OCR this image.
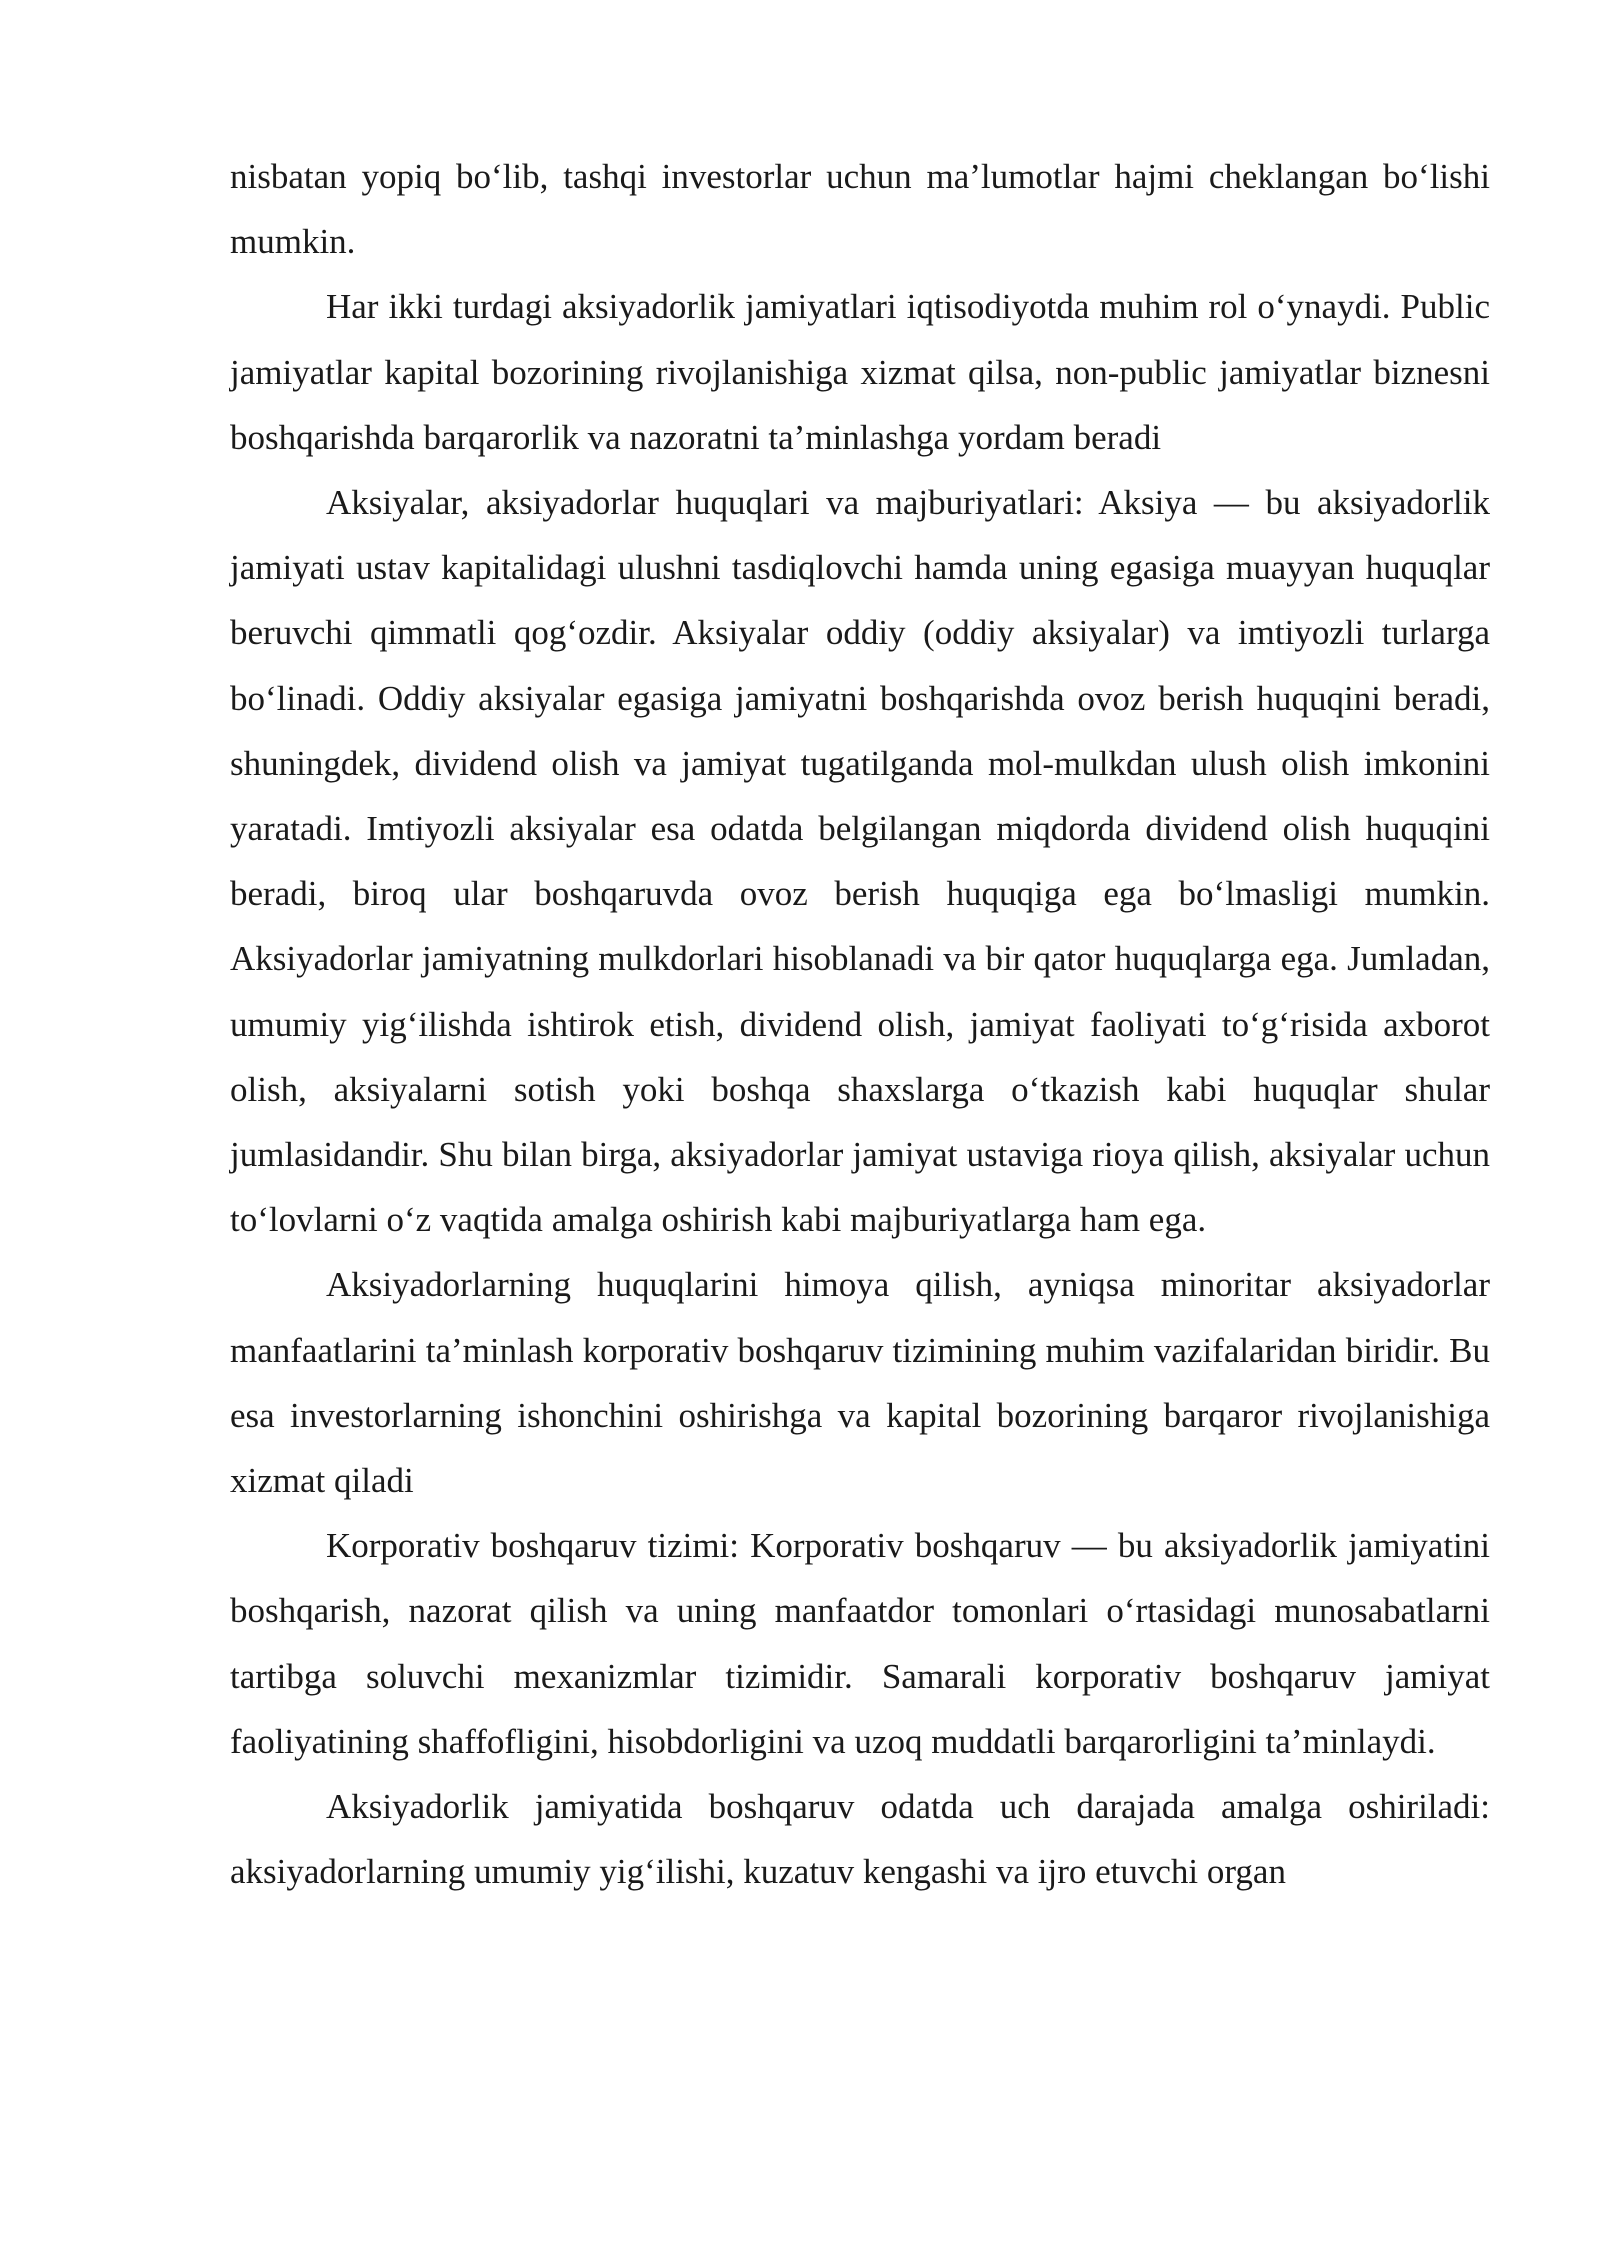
nisbatan yopiq bo‘lib, tashqi investorlar uchun ma’lumotlar hajmi cheklangan bo‘lishi mumkin.

Har ikki turdagi aksiyadorlik jamiyatlari iqtisodiyotda muhim rol o‘ynaydi. Public jamiyatlar kapital bozorining rivojlanishiga xizmat qilsa, non-public jamiyatlar biznesni boshqarishda barqarorlik va nazoratni ta’minlashga yordam beradi

Aksiyalar, aksiyadorlar huquqlari va majburiyatlari: Aksiya — bu aksiyadorlik jamiyati ustav kapitalidagi ulushni tasdiqlovchi hamda uning egasiga muayyan huquqlar beruvchi qimmatli qog‘ozdir. Aksiyalar oddiy (oddiy aksiyalar) va imtiyozli turlarga bo‘linadi. Oddiy aksiyalar egasiga jamiyatni boshqarishda ovoz berish huquqini beradi, shuningdek, dividend olish va jamiyat tugatilganda mol-mulkdan ulush olish imkonini yaratadi. Imtiyozli aksiyalar esa odatda belgilangan miqdorda dividend olish huquqini beradi, biroq ular boshqaruvda ovoz berish huquqiga ega bo‘lmasligi mumkin. Aksiyadorlar jamiyatning mulkdorlari hisoblanadi va bir qator huquqlarga ega. Jumladan, umumiy yig‘ilishda ishtirok etish, dividend olish, jamiyat faoliyati to‘g‘risida axborot olish, aksiyalarni sotish yoki boshqa shaxslarga o‘tkazish kabi huquqlar shular jumlasidandir. Shu bilan birga, aksiyadorlar jamiyat ustaviga rioya qilish, aksiyalar uchun to‘lovlarni o‘z vaqtida amalga oshirish kabi majburiyatlarga ham ega.

Aksiyadorlarning huquqlarini himoya qilish, ayniqsa minoritar aksiyadorlar manfaatlarini ta’minlash korporativ boshqaruv tizimining muhim vazifalaridan biridir. Bu esa investorlarning ishonchini oshirishga va kapital bozorining barqaror rivojlanishiga xizmat qiladi

Korporativ boshqaruv tizimi: Korporativ boshqaruv — bu aksiyadorlik jamiyatini boshqarish, nazorat qilish va uning manfaatdor tomonlari o‘rtasidagi munosabatlarni tartibga soluvchi mexanizmlar tizimidir. Samarali korporativ boshqaruv jamiyat faoliyatining shaffofligini, hisobdorligini va uzoq muddatli barqarorligini ta’minlaydi.

Aksiyadorlik jamiyatida boshqaruv odatda uch darajada amalga oshiriladi: aksiyadorlarning umumiy yig‘ilishi, kuzatuv kengashi va ijro etuvchi organ
